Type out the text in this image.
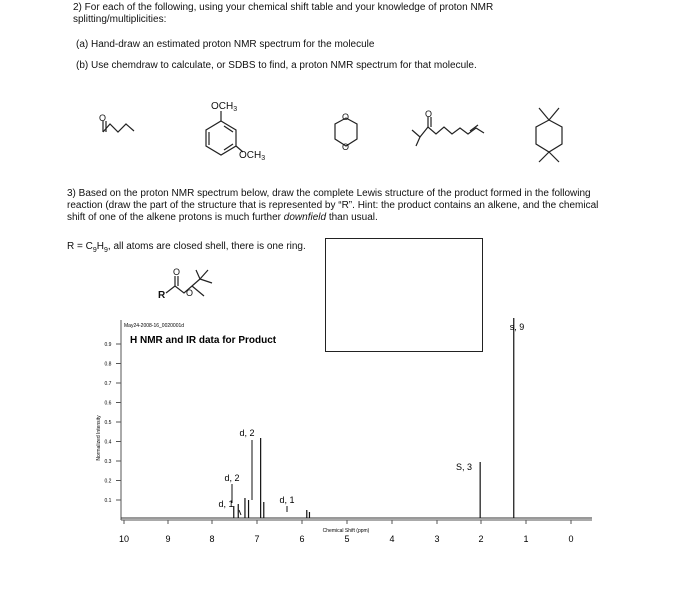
2) For each of the following, using your chemical shift table and your knowledge of proton NMR
splitting/multiplicities:
(a) Hand-draw an estimated proton NMR spectrum for the molecule
(b) Use chemdraw to calculate, or SDBS to find, a proton NMR spectrum for that molecule.
3) Based on the proton NMR spectrum below, draw the complete Lewis structure of the product formed in the following
reaction (draw the part of the structure that is represented by “R”. Hint: the product contains an alkene, and the chemical
shift of one of the alkene protons is much further downfield than usual.
$R = C_9H_9$, all atoms are closed shell, there is one ring.
O
$OCH_3$
$OCH_3$
O
O
O
R
O
O
May24-2008-16_0020001d
H NMR and IR data for Product
Normalized Intensity
Chemical Shift (ppm)
0.9
0.8
0.7
0.6
0.5
0.4
0.3
0.2
0.1
10	9	8	7	6	5	4	3	2	1	0
d, 2
d, 2
d, 1	d, 1
S, 3
s, 9
